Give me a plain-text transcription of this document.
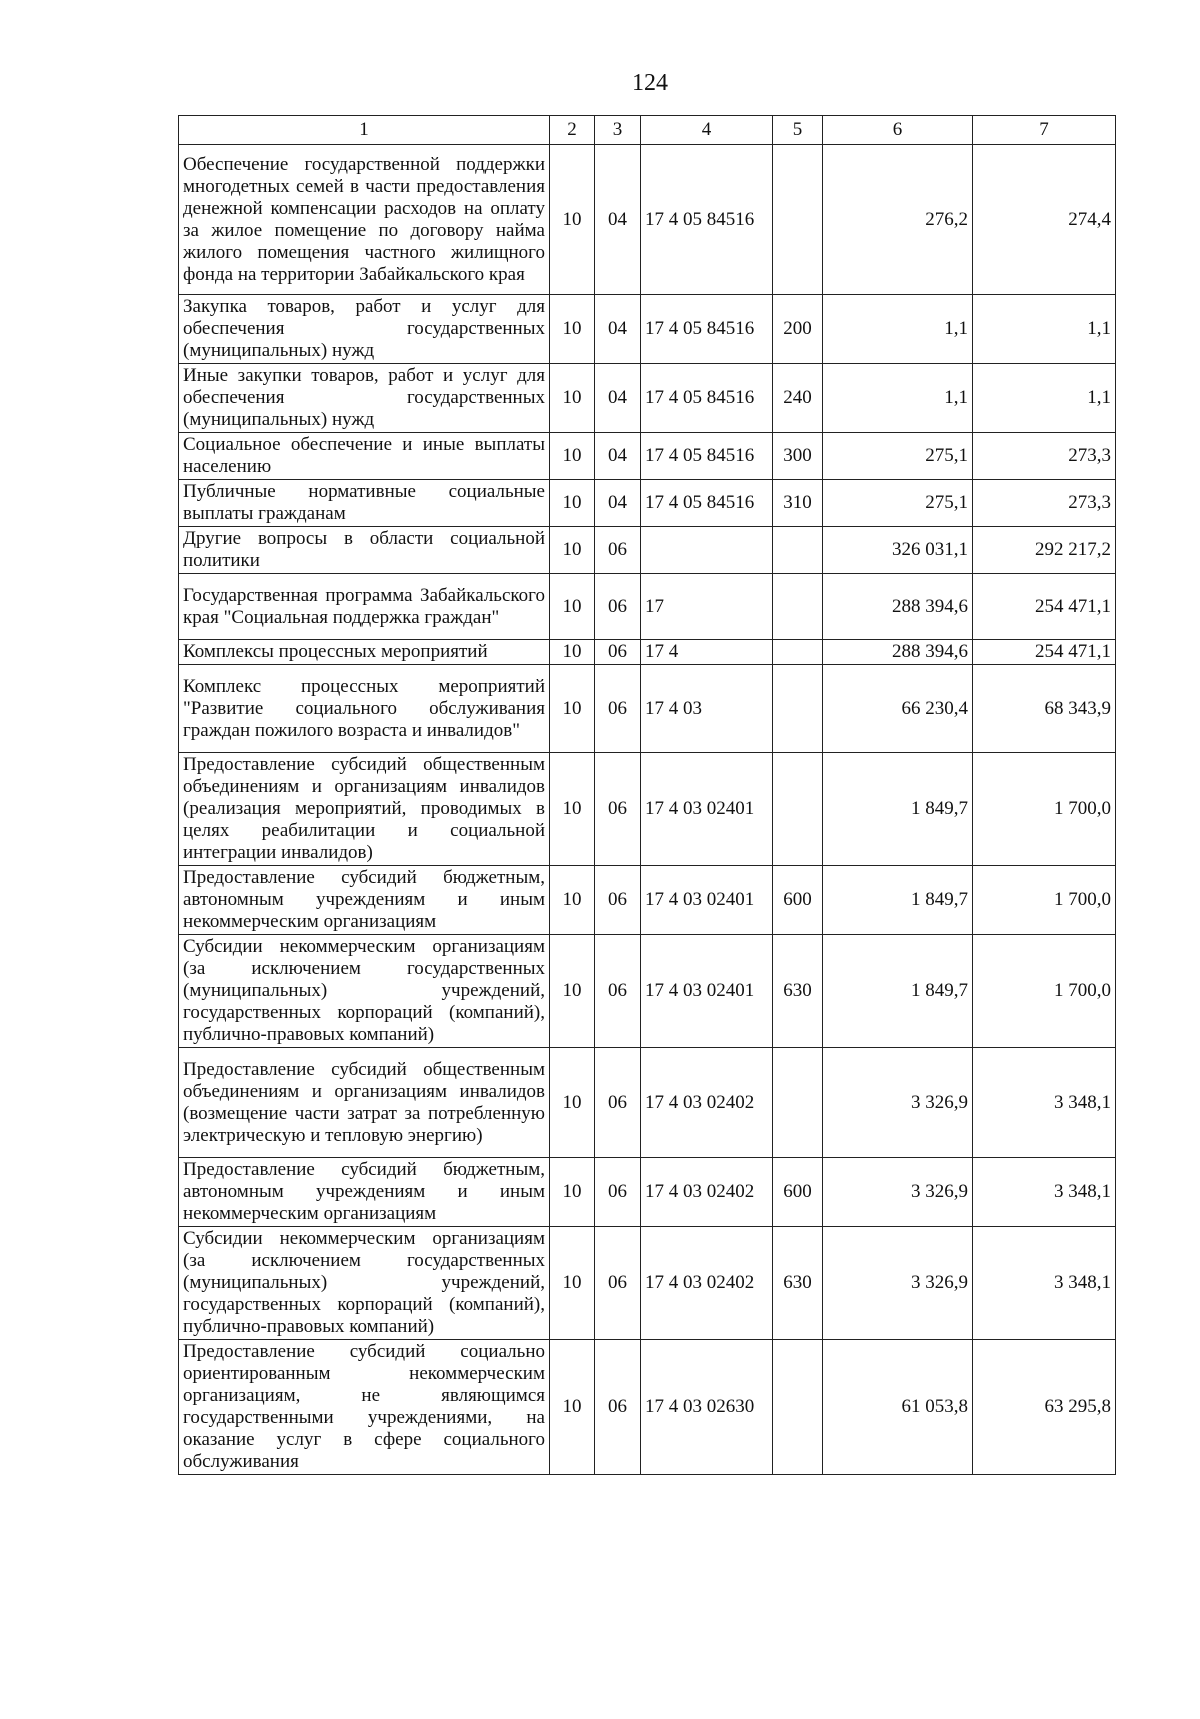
124
1	2	3	4	5	6	7
Обеспечение государственной поддержки многодетных семей в части предоставления денежной компенсации расходов на оплату за жилое помещение по договору найма жилого помещения частного жилищного фонда на территории Забайкальского края	10	04	17 4 05 84516		276,2	274,4
Закупка товаров, работ и услуг для обеспечения государственных (муниципальных) нужд	10	04	17 4 05 84516	200	1,1	1,1
Иные закупки товаров, работ и услуг для обеспечения государственных (муниципальных) нужд	10	04	17 4 05 84516	240	1,1	1,1
Социальное обеспечение и иные выплаты населению	10	04	17 4 05 84516	300	275,1	273,3
Публичные нормативные социальные выплаты гражданам	10	04	17 4 05 84516	310	275,1	273,3
Другие вопросы в области социальной политики	10	06			326 031,1	292 217,2
Государственная программа Забайкальского края "Социальная поддержка граждан"	10	06	17		288 394,6	254 471,1
Комплексы процессных мероприятий	10	06	17 4		288 394,6	254 471,1
Комплекс процессных мероприятий "Развитие социального обслуживания граждан пожилого возраста и инвалидов"	10	06	17 4 03		66 230,4	68 343,9
Предоставление субсидий общественным объединениям и организациям инвалидов (реализация мероприятий, проводимых в целях реабилитации и социальной интеграции инвалидов)	10	06	17 4 03 02401		1 849,7	1 700,0
Предоставление субсидий бюджетным, автономным учреждениям и иным некоммерческим организациям	10	06	17 4 03 02401	600	1 849,7	1 700,0
Субсидии некоммерческим организациям (за исключением государственных (муниципальных) учреждений, государственных корпораций (компаний), публично-правовых компаний)	10	06	17 4 03 02401	630	1 849,7	1 700,0
Предоставление субсидий общественным объединениям и организациям инвалидов (возмещение части затрат за потребленную электрическую и тепловую энергию)	10	06	17 4 03 02402		3 326,9	3 348,1
Предоставление субсидий бюджетным, автономным учреждениям и иным некоммерческим организациям	10	06	17 4 03 02402	600	3 326,9	3 348,1
Субсидии некоммерческим организациям (за исключением государственных (муниципальных) учреждений, государственных корпораций (компаний), публично-правовых компаний)	10	06	17 4 03 02402	630	3 326,9	3 348,1
Предоставление субсидий социально ориентированным некоммерческим организациям, не являющимся государственными учреждениями, на оказание услуг в сфере социального обслуживания	10	06	17 4 03 02630		61 053,8	63 295,8
